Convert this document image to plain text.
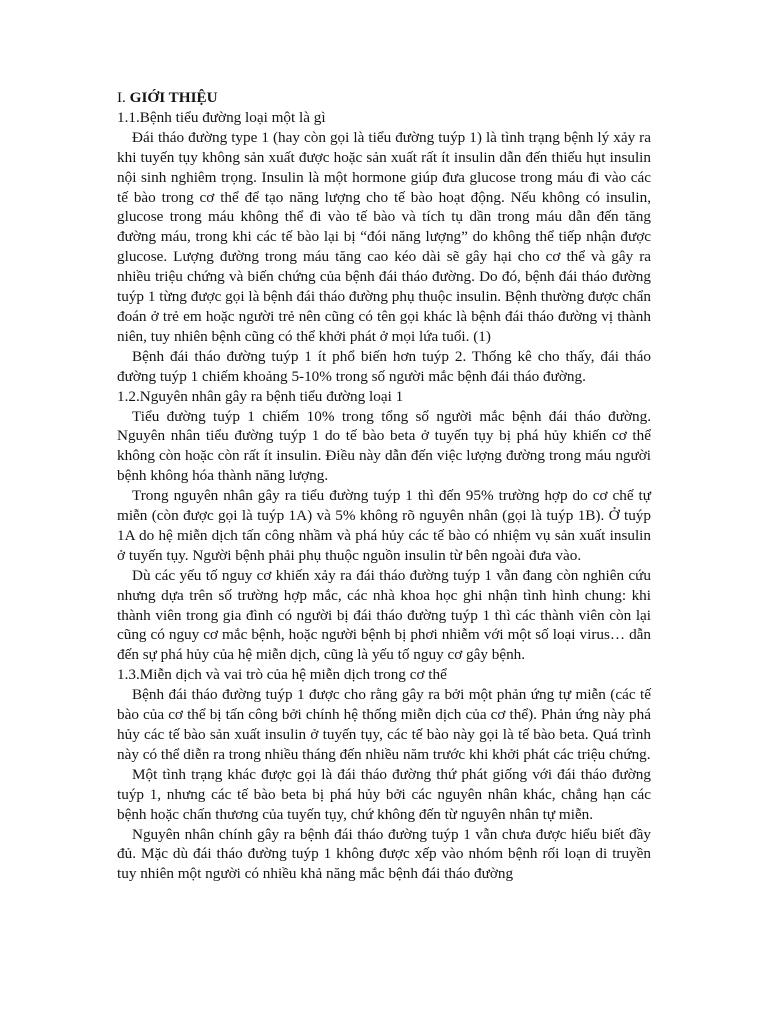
I. GIỚI THIỆU

1.1.Bệnh tiểu đường loại một là gì

Đái tháo đường type 1 (hay còn gọi là tiểu đường tuýp 1) là tình trạng bệnh lý xảy ra khi tuyến tụy không sản xuất được hoặc sản xuất rất ít insulin dẫn đến thiếu hụt insulin nội sinh nghiêm trọng. Insulin là một hormone giúp đưa glucose trong máu đi vào các tế bào trong cơ thể để tạo năng lượng cho tế bào hoạt động. Nếu không có insulin, glucose trong máu không thể đi vào tế bào và tích tụ dần trong máu dẫn đến tăng đường máu, trong khi các tế bào lại bị “đói năng lượng” do không thể tiếp nhận được glucose. Lượng đường trong máu tăng cao kéo dài sẽ gây hại cho cơ thể và gây ra nhiều triệu chứng và biến chứng của bệnh đái tháo đường. Do đó, bệnh đái tháo đường tuýp 1 từng được gọi là bệnh đái tháo đường phụ thuộc insulin. Bệnh thường được chẩn đoán ở trẻ em hoặc người trẻ nên cũng có tên gọi khác là bệnh đái tháo đường vị thành niên, tuy nhiên bệnh cũng có thể khởi phát ở mọi lứa tuổi. (1)

Bệnh đái tháo đường tuýp 1 ít phổ biến hơn tuýp 2. Thống kê cho thấy, đái tháo đường tuýp 1 chiếm khoảng 5-10% trong số người mắc bệnh đái tháo đường.

1.2.Nguyên nhân gây ra bệnh tiểu đường loại 1

Tiểu đường tuýp 1 chiếm 10% trong tổng số người mắc bệnh đái tháo đường. Nguyên nhân tiểu đường tuýp 1 do tế bào beta ở tuyến tụy bị phá hủy khiến cơ thể không còn hoặc còn rất ít insulin. Điều này dẫn đến việc lượng đường trong máu người bệnh không hóa thành năng lượng.

Trong nguyên nhân gây ra tiểu đường tuýp 1 thì đến 95% trường hợp do cơ chế tự miễn (còn được gọi là tuýp 1A) và 5% không rõ nguyên nhân (gọi là tuýp 1B). Ở tuýp 1A do hệ miễn dịch tấn công nhầm và phá hủy các tế bào có nhiệm vụ sản xuất insulin ở tuyến tụy. Người bệnh phải phụ thuộc nguồn insulin từ bên ngoài đưa vào.

Dù các yếu tố nguy cơ khiến xảy ra đái tháo đường tuýp 1 vẫn đang còn nghiên cứu nhưng dựa trên số trường hợp mắc, các nhà khoa học ghi nhận tình hình chung: khi thành viên trong gia đình có người bị đái tháo đường tuýp 1 thì các thành viên còn lại cũng có nguy cơ mắc bệnh, hoặc người bệnh bị phơi nhiễm với một số loại virus… dẫn đến sự phá hủy của hệ miễn dịch, cũng là yếu tố nguy cơ gây bệnh.

1.3.Miễn dịch và vai trò của hệ miễn dịch trong cơ thể

Bệnh đái tháo đường tuýp 1 được cho rằng gây ra bởi một phản ứng tự miễn (các tế bào của cơ thể bị tấn công bởi chính hệ thống miễn dịch của cơ thể). Phản ứng này phá hủy các tế bào sản xuất insulin ở tuyến tụy, các tế bào này gọi là tế bào beta. Quá trình này có thể diễn ra trong nhiều tháng đến nhiều năm trước khi khởi phát các triệu chứng.

Một tình trạng khác được gọi là đái tháo đường thứ phát giống với đái tháo đường tuýp 1, nhưng các tế bào beta bị phá hủy bởi các nguyên nhân khác, chẳng hạn các bệnh hoặc chấn thương của tuyến tụy, chứ không đến từ nguyên nhân tự miễn.

Nguyên nhân chính gây ra bệnh đái tháo đường tuýp 1 vẫn chưa được hiểu biết đầy đủ. Mặc dù đái tháo đường tuýp 1 không được xếp vào nhóm bệnh rối loạn di truyền tuy nhiên một người có nhiều khả năng mắc bệnh đái tháo đường
